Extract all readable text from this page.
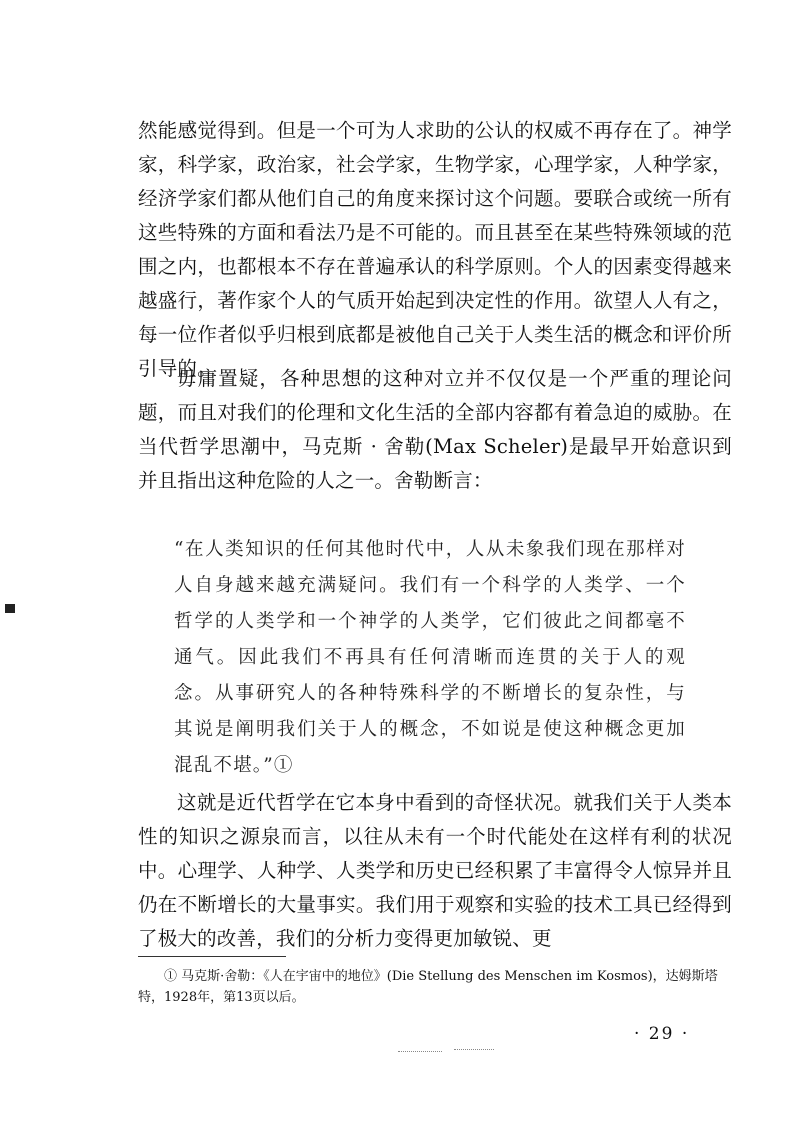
然能感觉得到。但是一个可为人求助的公认的权威不再存在了。神学家，科学家，政治家，社会学家，生物学家，心理学家，人种学家，经济学家们都从他们自己的角度来探讨这个问题。要联合或统一所有这些特殊的方面和看法乃是不可能的。而且甚至在某些特殊领域的范围之内，也都根本不存在普遍承认的科学原则。个人的因素变得越来越盛行，著作家个人的气质开始起到决定性的作用。欲望人人有之，每一位作者似乎归根到底都是被他自己关于人类生活的概念和评价所引导的。

毋庸置疑，各种思想的这种对立并不仅仅是一个严重的理论问题，而且对我们的伦理和文化生活的全部内容都有着急迫的威胁。在当代哲学思潮中，马克斯 · 舍勒(Max Scheler)是最早开始意识到并且指出这种危险的人之一。舍勒断言：

“在人类知识的任何其他时代中，人从未象我们现在那样对人自身越来越充满疑问。我们有一个科学的人类学、一个哲学的人类学和一个神学的人类学，它们彼此之间都毫不通气。因此我们不再具有任何清晰而连贯的关于人的观念。从事研究人的各种特殊科学的不断增长的复杂性，与其说是阐明我们关于人的概念，不如说是使这种概念更加混乱不堪。”①

这就是近代哲学在它本身中看到的奇怪状况。就我们关于人类本性的知识之源泉而言，以往从未有一个时代能处在这样有利的状况中。心理学、人种学、人类学和历史已经积累了丰富得令人惊异并且仍在不断增长的大量事实。我们用于观察和实验的技术工具已经得到了极大的改善，我们的分析力变得更加敏锐、更

① 马克斯·舍勒：《人在宇宙中的地位》(Die Stellung des Menschen im Kosmos)，达姆斯塔特，1928年，第13页以后。

· 29 ·
